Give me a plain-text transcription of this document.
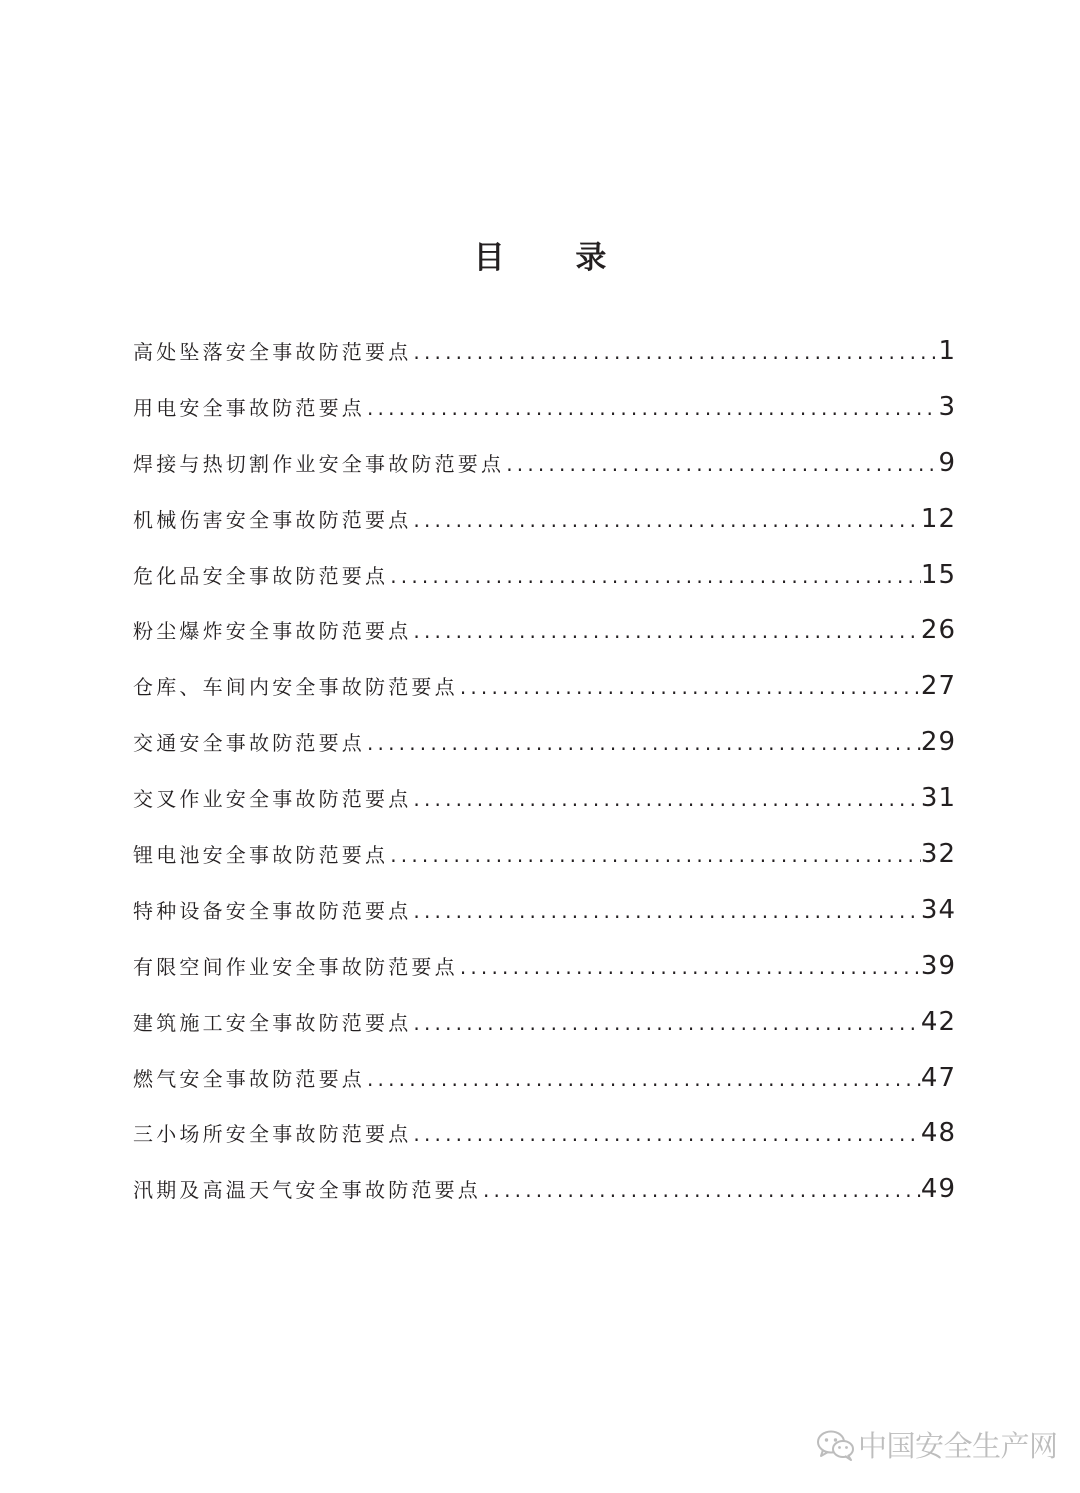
目 录
高处坠落安全事故防范要点 .....	1
用电安全事故防范要点 .....	3
焊接与热切割作业安全事故防范要点 .....	9
机械伤害安全事故防范要点 .....	12
危化品安全事故防范要点 .....	15
粉尘爆炸安全事故防范要点 .....	26
仓库、车间内安全事故防范要点 .....	27
交通安全事故防范要点 .....	29
交叉作业安全事故防范要点 .....	31
锂电池安全事故防范要点 .....	32
特种设备安全事故防范要点 .....	34
有限空间作业安全事故防范要点 .....	39
建筑施工安全事故防范要点 .....	42
燃气安全事故防范要点 .....	47
三小场所安全事故防范要点 .....	48
汛期及高温天气安全事故防范要点 .....	49
中国安全生产网
